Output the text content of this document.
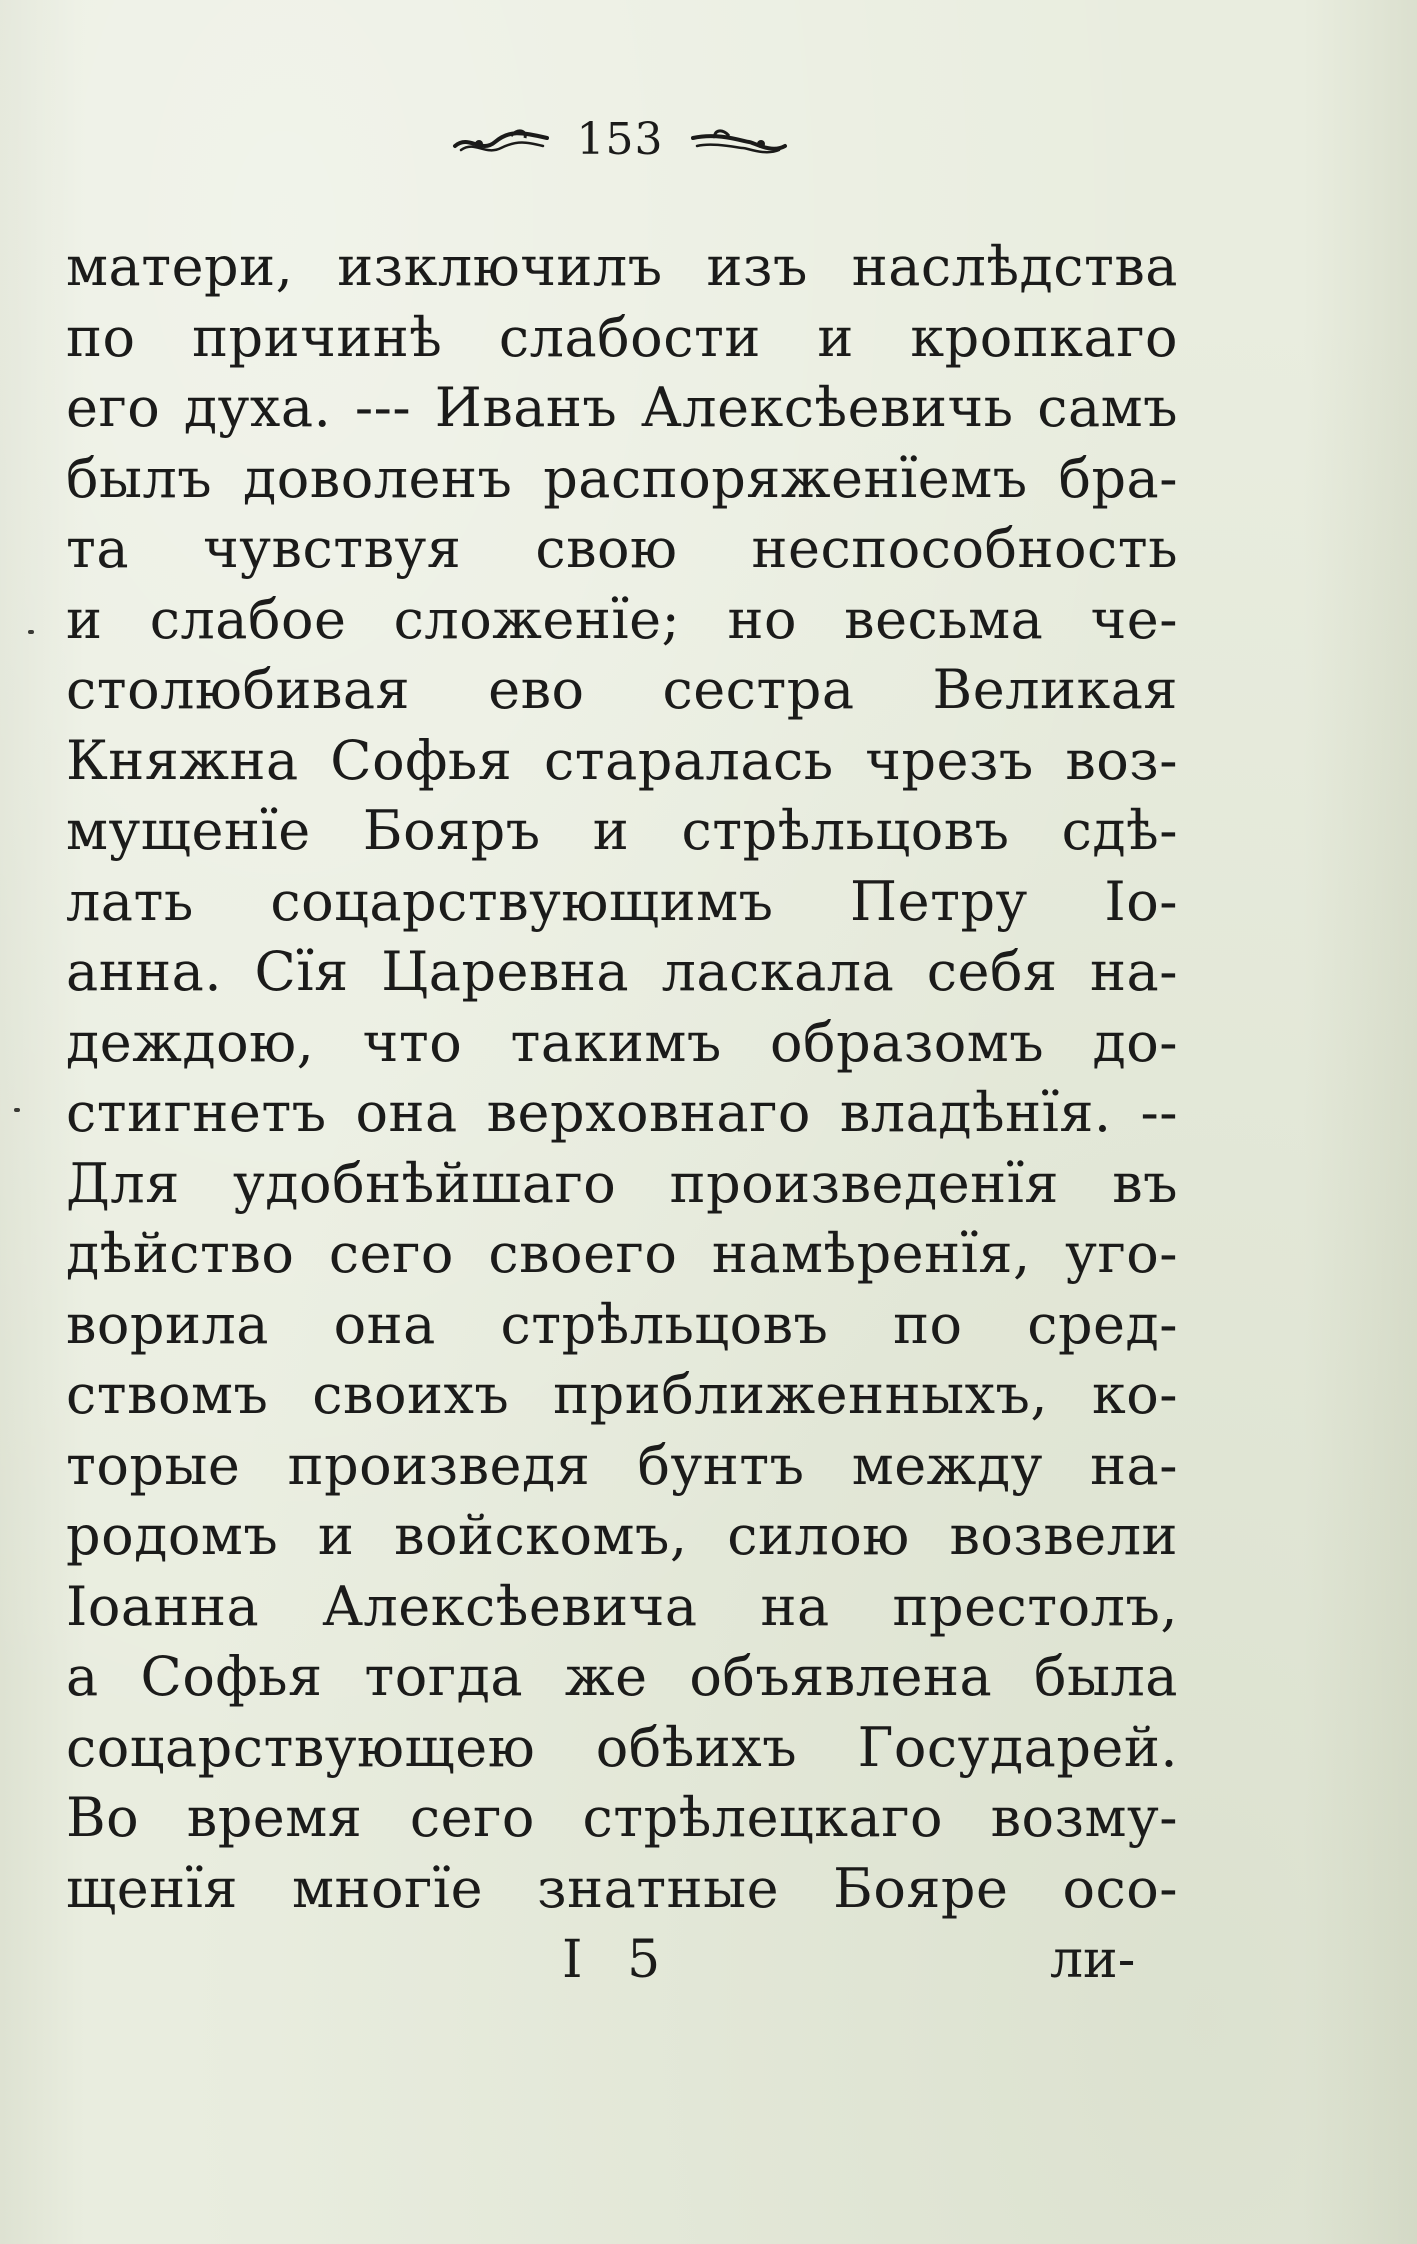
153
матери, изключилъ изъ наслѣдства
по причинѣ слабости и кропкаго
его духа. --- Иванъ Алексѣевичь самъ
былъ доволенъ распоряженїемъ бра-
та чувствуя свою неспособность
и слабое сложенїе; но весьма че-
столюбивая ево сестра Великая
Княжна Софья старалась чрезъ воз-
мущенїе Бояръ и стрѣльцовъ сдѣ-
лать соцарствующимъ Петру Іо-
анна. Сїя Царевна ласкала себя на-
деждою, что такимъ образомъ до-
стигнетъ она верховнаго владѣнїя. --
Для удобнѣйшаго произведенїя въ
дѣйство сего своего намѣренїя, уго-
ворила она стрѣльцовъ по сред-
ствомъ своихъ приближенныхъ, ко-
торые произведя бунтъ между на-
родомъ и войскомъ, силою возвели
Іоанна Алексѣевича на престолъ,
а Софья тогда же объявлена была
соцарствующею обѣихъ Государей.
Во время сего стрѣлецкаго возму-
щенїя многїе знатные Бояре осо-
I 5	ли-
